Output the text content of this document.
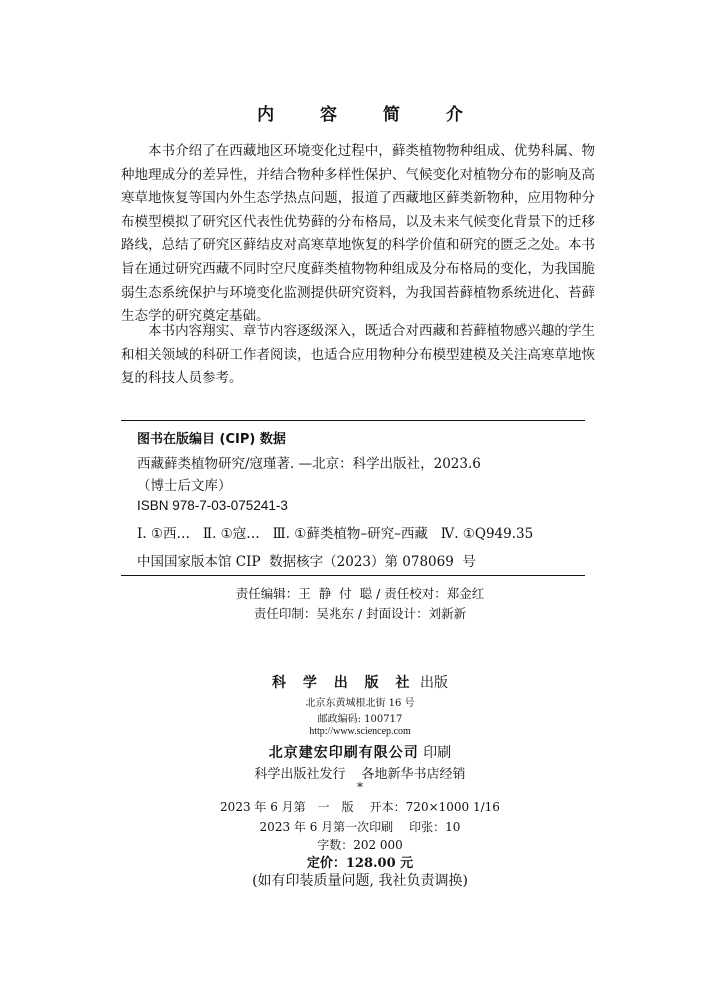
内 容 简 介

本书介绍了在西藏地区环境变化过程中，藓类植物物种组成、优势科属、物种地理成分的差异性，并结合物种多样性保护、气候变化对植物分布的影响及高寒草地恢复等国内外生态学热点问题，报道了西藏地区藓类新物种，应用物种分布模型模拟了研究区代表性优势藓的分布格局，以及未来气候变化背景下的迁移路线，总结了研究区藓结皮对高寒草地恢复的科学价值和研究的匮乏之处。本书旨在通过研究西藏不同时空尺度藓类植物物种组成及分布格局的变化，为我国脆弱生态系统保护与环境变化监测提供研究资料，为我国苔藓植物系统进化、苔藓生态学的研究奠定基础。

本书内容翔实、章节内容逐级深入，既适合对西藏和苔藓植物感兴趣的学生和相关领域的科研工作者阅读，也适合应用物种分布模型建模及关注高寒草地恢复的科技人员参考。

图书在版编目 (CIP) 数据
西藏藓类植物研究/寇瑾著. —北京：科学出版社，2023.6
（博士后文库）
ISBN 978-7-03-075241-3
Ⅰ. ①西…   Ⅱ. ①寇…   Ⅲ. ①藓类植物–研究–西藏   Ⅳ. ①Q949.35
中国国家版本馆 CIP  数据核字（2023）第 078069  号
责任编辑：王  静  付  聪 / 责任校对：郑金红
责任印制：吴兆东 / 封面设计：刘新新
科 学 出 版 社 出版
北京东黄城根北街 16 号
邮政编码: 100717
http://www.sciencep.com
北京建宏印刷有限公司 印刷
科学出版社发行 各地新华书店经销
*
2023 年 6 月第　一　版 开本：720×1000 1/16
2023 年 6 月第一次印刷 印张：10
字数：202 000
定价：128.00 元
(如有印装质量问题, 我社负责调换)
